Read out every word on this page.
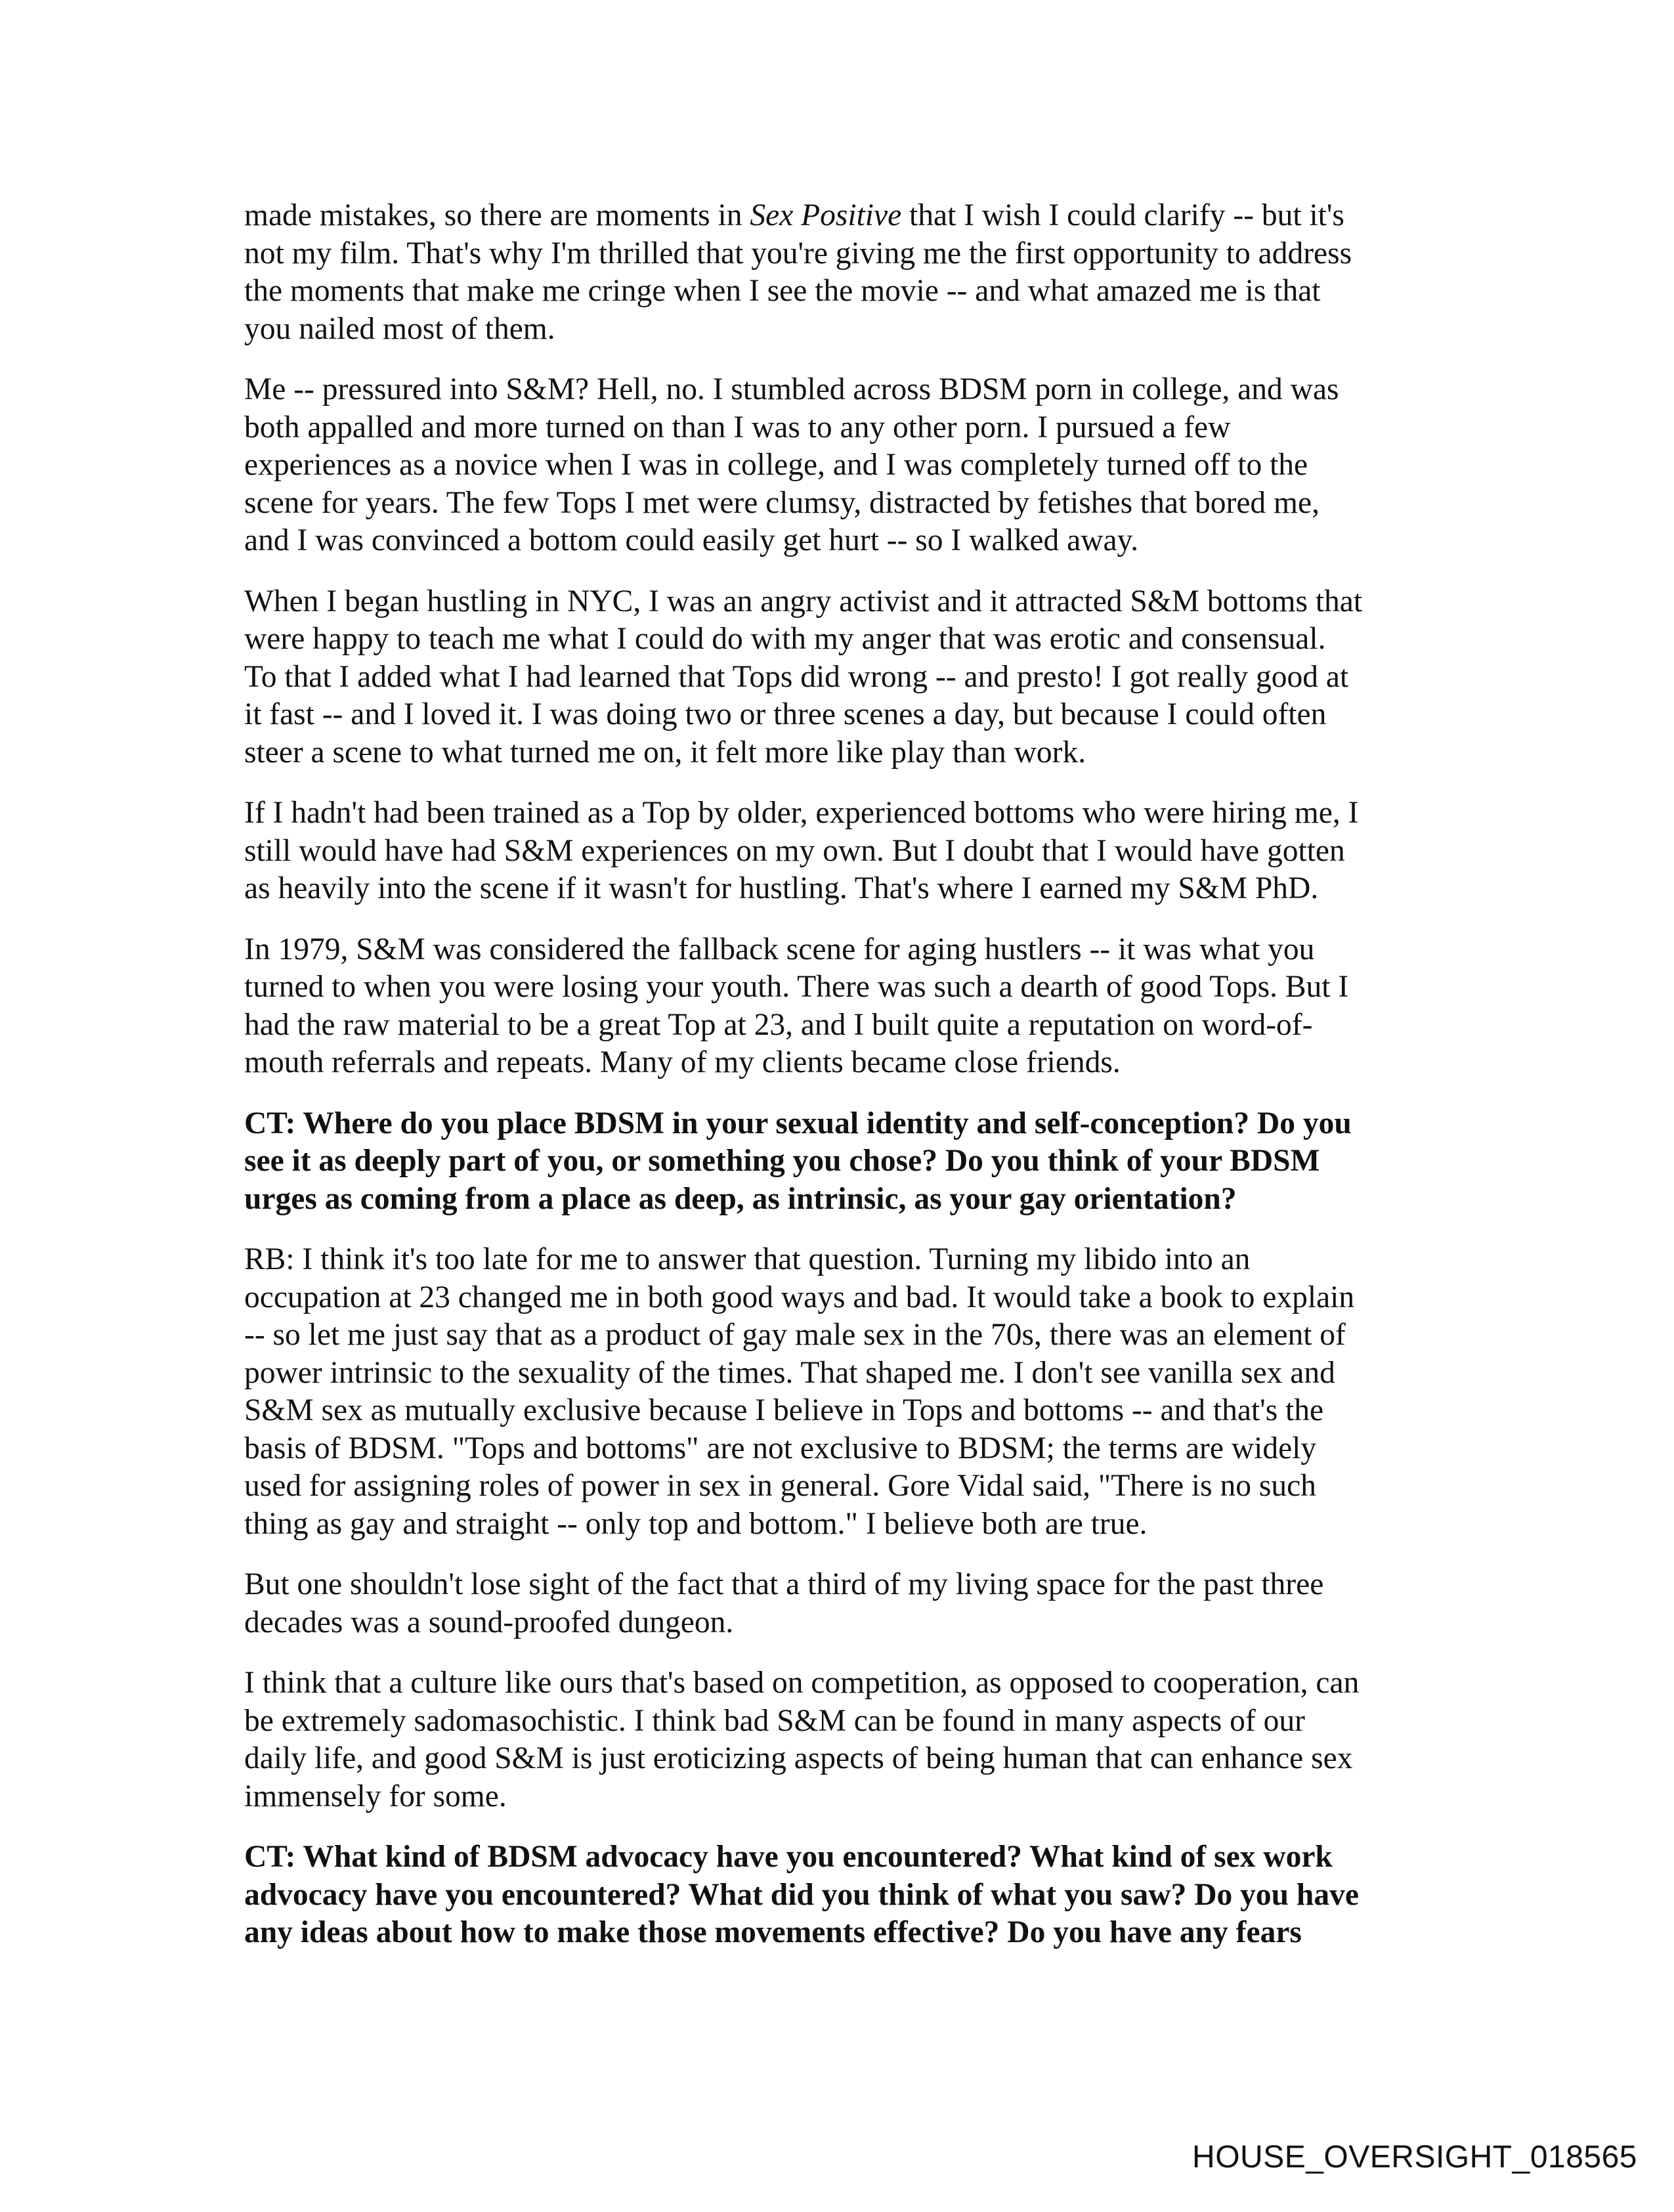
made mistakes, so there are moments in Sex Positive that I wish I could clarify -- but it's
not my film. That's why I'm thrilled that you're giving me the first opportunity to address
the moments that make me cringe when I see the movie -- and what amazed me is that
you nailed most of them.
Me -- pressured into S&M? Hell, no. I stumbled across BDSM porn in college, and was
both appalled and more turned on than I was to any other porn. I pursued a few
experiences as a novice when I was in college, and I was completely turned off to the
scene for years. The few Tops I met were clumsy, distracted by fetishes that bored me,
and I was convinced a bottom could easily get hurt -- so I walked away.
When I began hustling in NYC, I was an angry activist and it attracted S&M bottoms that
were happy to teach me what I could do with my anger that was erotic and consensual.
To that I added what I had learned that Tops did wrong -- and presto! I got really good at
it fast -- and I loved it. I was doing two or three scenes a day, but because I could often
steer a scene to what turned me on, it felt more like play than work.
If I hadn't had been trained as a Top by older, experienced bottoms who were hiring me, I
still would have had S&M experiences on my own. But I doubt that I would have gotten
as heavily into the scene if it wasn't for hustling. That's where I earned my S&M PhD.
In 1979, S&M was considered the fallback scene for aging hustlers -- it was what you
turned to when you were losing your youth. There was such a dearth of good Tops. But I
had the raw material to be a great Top at 23, and I built quite a reputation on word-of-
mouth referrals and repeats. Many of my clients became close friends.
CT: Where do you place BDSM in your sexual identity and self-conception? Do you
see it as deeply part of you, or something you chose? Do you think of your BDSM
urges as coming from a place as deep, as intrinsic, as your gay orientation?
RB: I think it's too late for me to answer that question. Turning my libido into an
occupation at 23 changed me in both good ways and bad. It would take a book to explain
-- so let me just say that as a product of gay male sex in the 70s, there was an element of
power intrinsic to the sexuality of the times. That shaped me. I don't see vanilla sex and
S&M sex as mutually exclusive because I believe in Tops and bottoms -- and that's the
basis of BDSM. "Tops and bottoms" are not exclusive to BDSM; the terms are widely
used for assigning roles of power in sex in general. Gore Vidal said, "There is no such
thing as gay and straight -- only top and bottom." I believe both are true.
But one shouldn't lose sight of the fact that a third of my living space for the past three
decades was a sound-proofed dungeon.
I think that a culture like ours that's based on competition, as opposed to cooperation, can
be extremely sadomasochistic. I think bad S&M can be found in many aspects of our
daily life, and good S&M is just eroticizing aspects of being human that can enhance sex
immensely for some.
CT: What kind of BDSM advocacy have you encountered? What kind of sex work
advocacy have you encountered? What did you think of what you saw? Do you have
any ideas about how to make those movements effective? Do you have any fears
HOUSE_OVERSIGHT_018565
